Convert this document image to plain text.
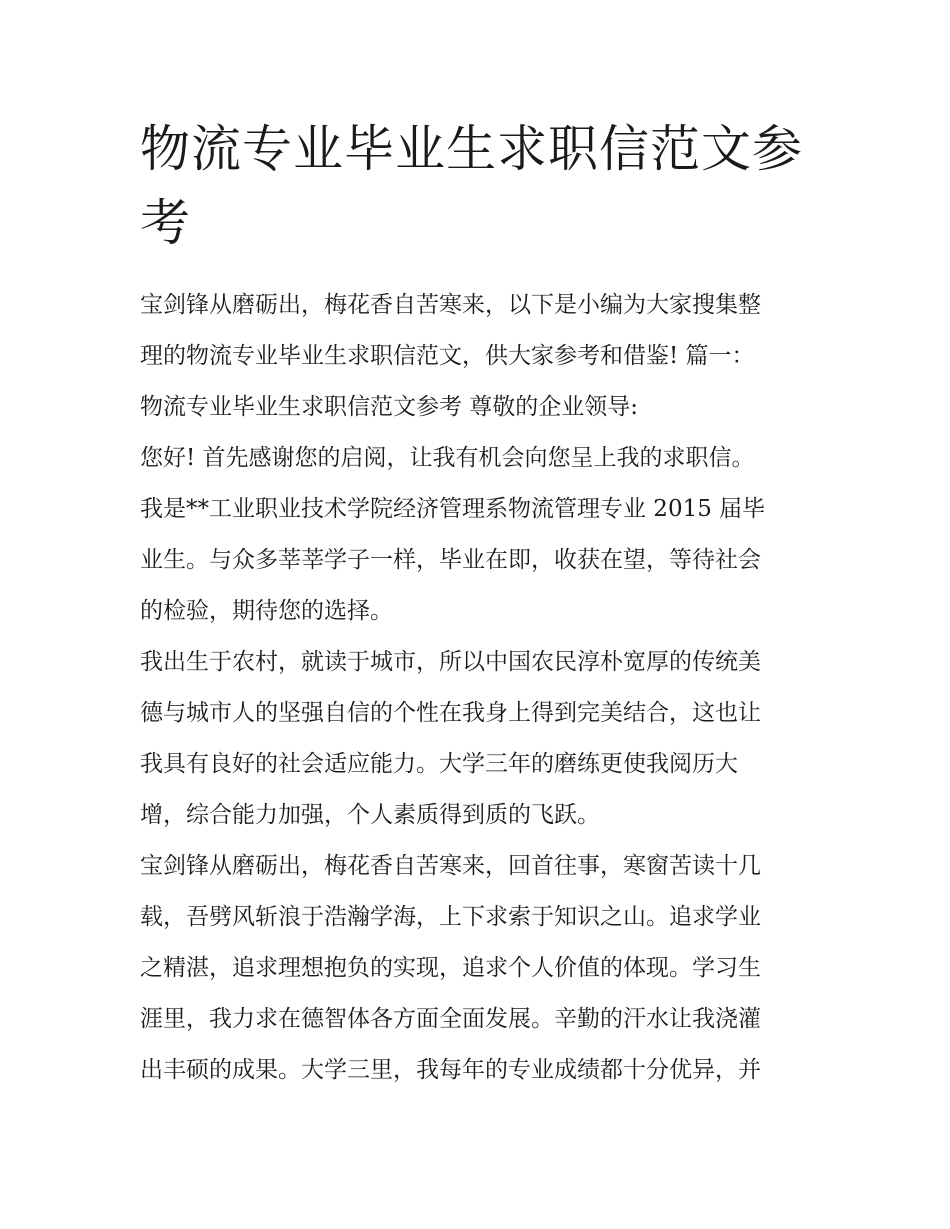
物流专业毕业生求职信范文参
考
宝剑锋从磨砺出，梅花香自苦寒来，以下是小编为大家搜集整
理的物流专业毕业生求职信范文，供大家参考和借鉴! 篇一：
物流专业毕业生求职信范文参考 尊敬的企业领导:
您好! 首先感谢您的启阅，让我有机会向您呈上我的求职信。
我是**工业职业技术学院经济管理系物流管理专业 2015 届毕
业生。与众多莘莘学子一样，毕业在即，收获在望，等待社会
的检验，期待您的选择。
我出生于农村，就读于城市，所以中国农民淳朴宽厚的传统美
德与城市人的坚强自信的个性在我身上得到完美结合，这也让
我具有良好的社会适应能力。大学三年的磨练更使我阅历大
增，综合能力加强，个人素质得到质的飞跃。
宝剑锋从磨砺出，梅花香自苦寒来，回首往事，寒窗苦读十几
载，吾劈风斩浪于浩瀚学海，上下求索于知识之山。追求学业
之精湛，追求理想抱负的实现，追求个人价值的体现。学习生
涯里，我力求在德智体各方面全面发展。辛勤的汗水让我浇灌
出丰硕的成果。大学三里，我每年的专业成绩都十分优异，并
